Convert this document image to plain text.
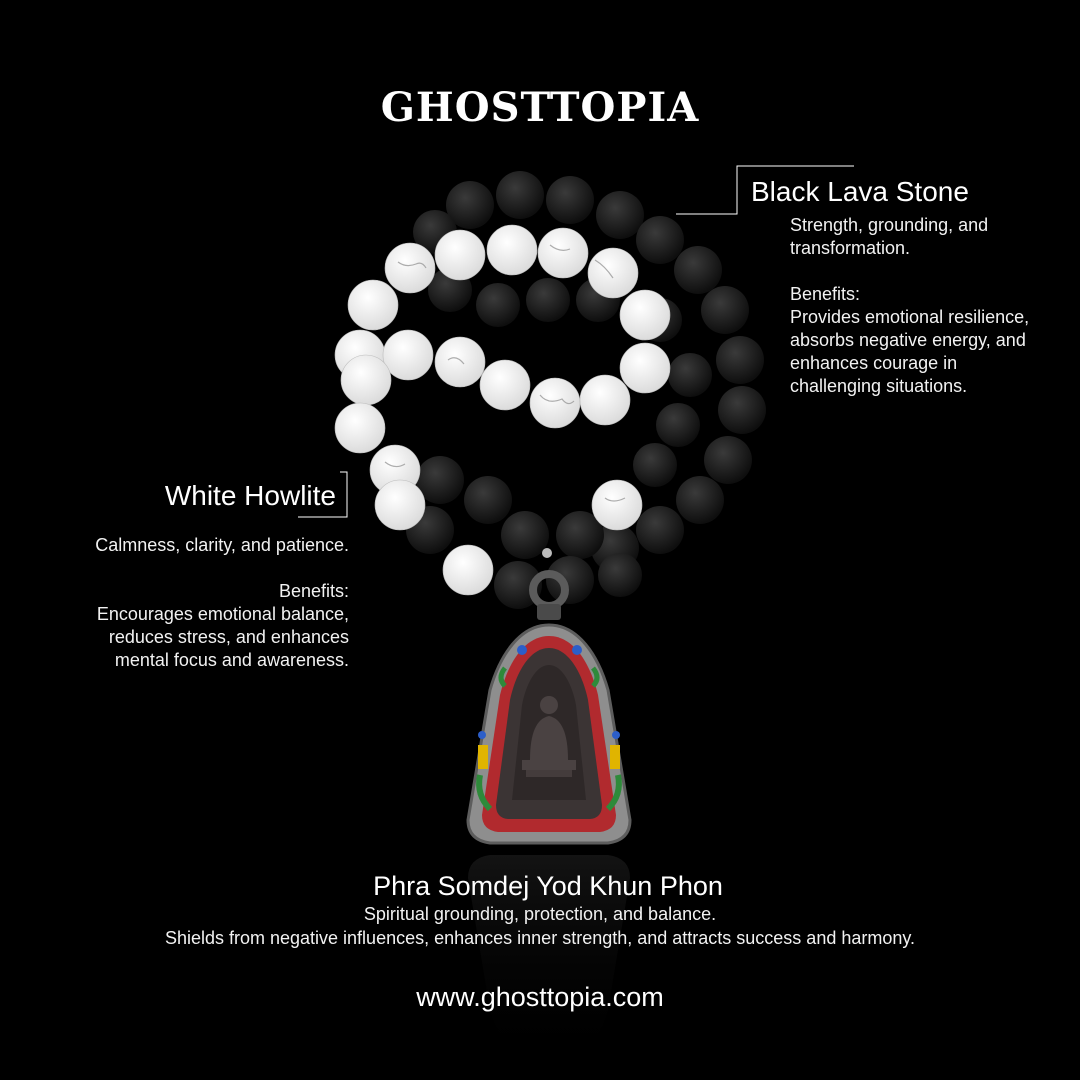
GHOSTTOPIA
Black Lava Stone
Strength, grounding, and
transformation.
Benefits:
Provides emotional resilience,
absorbs negative energy, and
enhances courage in
challenging situations.
White Howlite
Calmness, clarity, and patience.
Benefits:
Encourages emotional balance,
reduces stress, and enhances
mental focus and awareness.
Phra Somdej Yod Khun Phon
Spiritual grounding, protection, and balance.
Shields from negative influences, enhances inner strength, and attracts success and harmony.
www.ghosttopia.com
